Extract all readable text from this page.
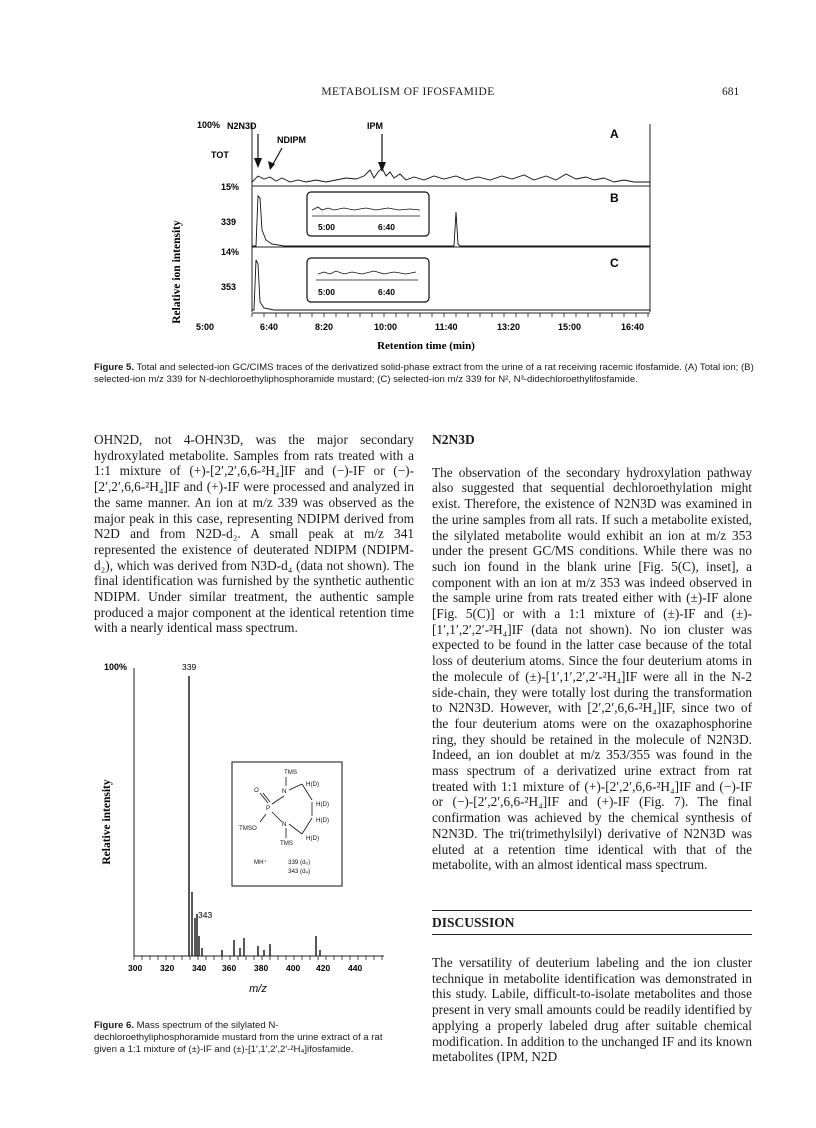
METABOLISM OF IFOSFAMIDE	681
Relative ion intensity
100%
TOT
15%
339
14%
353
A
B
C
N2N3D
NDIPM
IPM
5:00	6:40
5:00	6:40
5:00	6:40	8:20	10:00	11:40	13:20	15:00	16:40
Retention time (min)
Figure 5. Total and selected-ion GC/CIMS traces of the derivatized solid-phase extract from the urine of a rat receiving racemic ifosfamide. (A) Total ion; (B) selected-ion m/z 339 for N-dechloroethyliphosphoramide mustard; (C) selected-ion m/z 339 for N², N³-didechloroethylifosfamide.

OHN2D, not 4-OHN3D, was the major secondary hydroxylated metabolite. Samples from rats treated with a 1:1 mixture of (+)-[2′,2′,6,6-²H₄]IF and (−)-IF or (−)-[2′,2′,6,6-²H₄]IF and (+)-IF were processed and analyzed in the same manner. An ion at m/z 339 was observed as the major peak in this case, representing NDIPM derived from N2D and from N2D-d₂. A small peak at m/z 341 represented the existence of deuterated NDIPM (NDIPM-d₂), which was derived from N3D-d₄ (data not shown). The final identification was furnished by the synthetic authentic NDIPM. Under similar treatment, the authentic sample produced a major component at the identical retention time with a nearly identical mass spectrum.

100%
Relative intensity
339
343
TMS
O	N
H(D)
P
H(D)
TMSO
N
H(D)
H(D)
TMS
MH⁺	339 (d₀)
343 (d₄)
300 320 340 360 380 400 420 440
m/z
Figure 6. Mass spectrum of the silylated N-dechloroethyliphosphoramide mustard from the urine extract of a rat given a 1:1 mixture of (±)-IF and (±)-[1′,1′,2′,2′-²H₄]ifosfamide.
N2N3D

The observation of the secondary hydroxylation pathway also suggested that sequential dechloroethylation might exist. Therefore, the existence of N2N3D was examined in the urine samples from all rats. If such a metabolite existed, the silylated metabolite would exhibit an ion at m/z 353 under the present GC/MS conditions. While there was no such ion found in the blank urine [Fig. 5(C), inset], a component with an ion at m/z 353 was indeed observed in the sample urine from rats treated either with (±)-IF alone [Fig. 5(C)] or with a 1:1 mixture of (±)-IF and (±)-[1′,1′,2′,2′-²H₄]IF (data not shown). No ion cluster was expected to be found in the latter case because of the total loss of deuterium atoms. Since the four deuterium atoms in the molecule of (±)-[1′,1′,2′,2′-²H₄]IF were all in the N-2 side-chain, they were totally lost during the transformation to N2N3D. However, with [2′,2′,6,6-²H₄]IF, since two of the four deuterium atoms were on the oxazaphosphorine ring, they should be retained in the molecule of N2N3D. Indeed, an ion doublet at m/z 353/355 was found in the mass spectrum of a derivatized urine extract from rat treated with 1:1 mixture of (+)-[2′,2′,6,6-²H₄]IF and (−)-IF or (−)-[2′,2′,6,6-²H₄]IF and (+)-IF (Fig. 7). The final confirmation was achieved by the chemical synthesis of N2N3D. The tri(trimethylsilyl) derivative of N2N3D was eluted at a retention time identical with that of the metabolite, with an almost identical mass spectrum.

DISCUSSION

The versatility of deuterium labeling and the ion cluster technique in metabolite identification was demonstrated in this study. Labile, difficult-to-isolate metabolites and those present in very small amounts could be readily identified by applying a properly labeled drug after suitable chemical modification. In addition to the unchanged IF and its known metabolites (IPM, N2D
